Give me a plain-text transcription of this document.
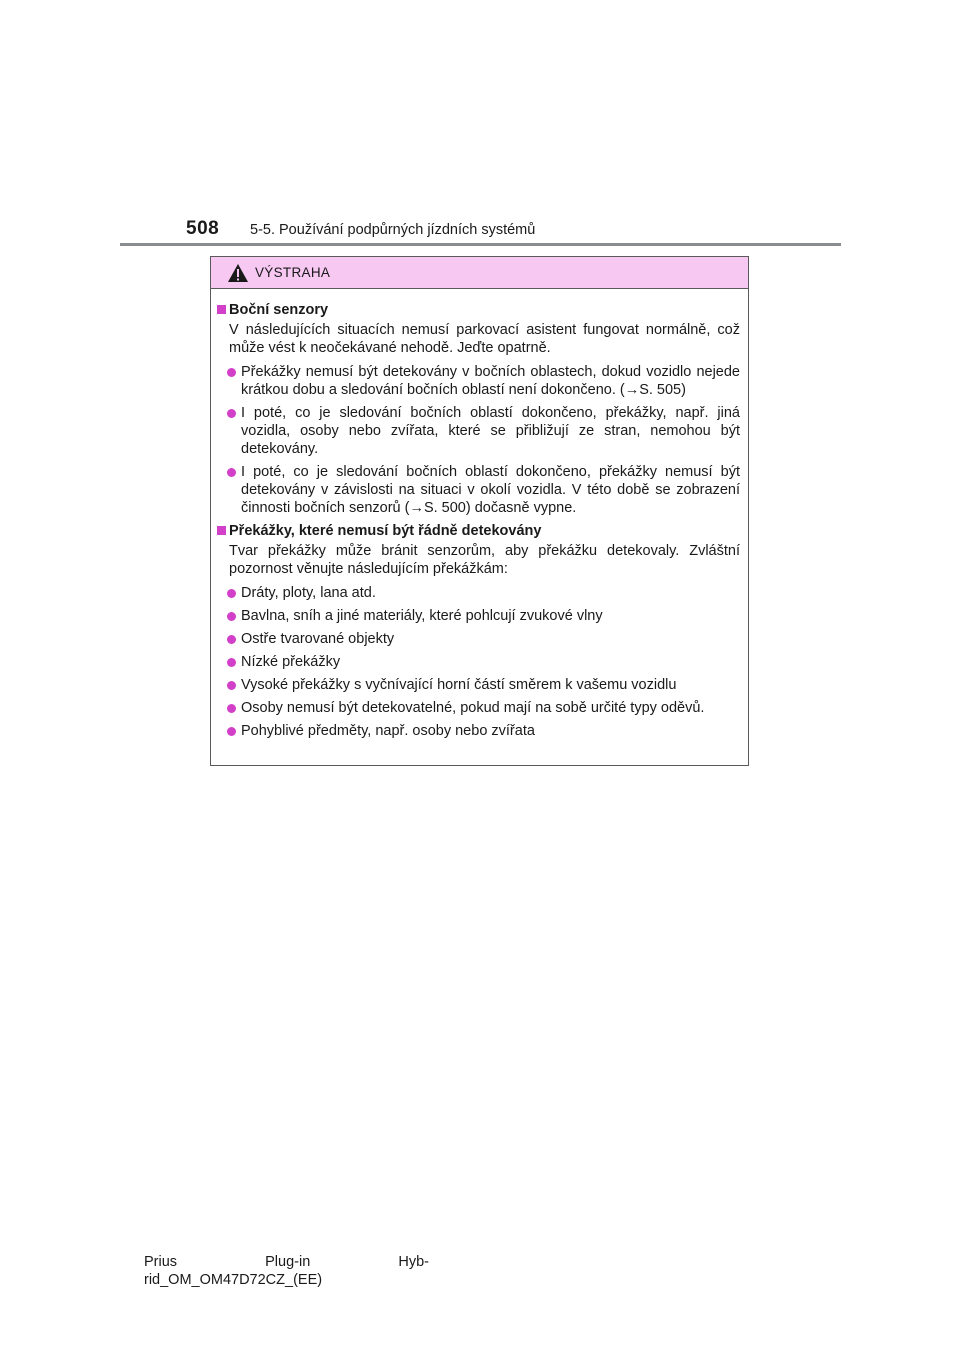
508 5-5. Používání podpůrných jízdních systémů
VÝSTRAHA
Boční senzory
V následujících situacích nemusí parkovací asistent fungovat normálně, což může vést k neočekávané nehodě. Jeďte opatrně.
Překážky nemusí být detekovány v bočních oblastech, dokud vozidlo nejede krátkou dobu a sledování bočních oblastí není dokončeno. (→S. 505)
I poté, co je sledování bočních oblastí dokončeno, překážky, např. jiná vozidla, osoby nebo zvířata, které se přibližují ze stran, nemohou být detekovány.
I poté, co je sledování bočních oblastí dokončeno, překážky nemusí být detekovány v závislosti na situaci v okolí vozidla. V této době se zobrazení činnosti bočních senzorů (→S. 500) dočasně vypne.
Překážky, které nemusí být řádně detekovány
Tvar překážky může bránit senzorům, aby překážku detekovaly. Zvláštní pozornost věnujte následujícím překážkám:
Dráty, ploty, lana atd.
Bavlna, sníh a jiné materiály, které pohlcují zvukové vlny
Ostře tvarované objekty
Nízké překážky
Vysoké překážky s vyčnívající horní částí směrem k vašemu vozidlu
Osoby nemusí být detekovatelné, pokud mají na sobě určité typy oděvů.
Pohyblivé předměty, např. osoby nebo zvířata
Prius	Plug-in	Hyb-
rid_OM_OM47D72CZ_(EE)
